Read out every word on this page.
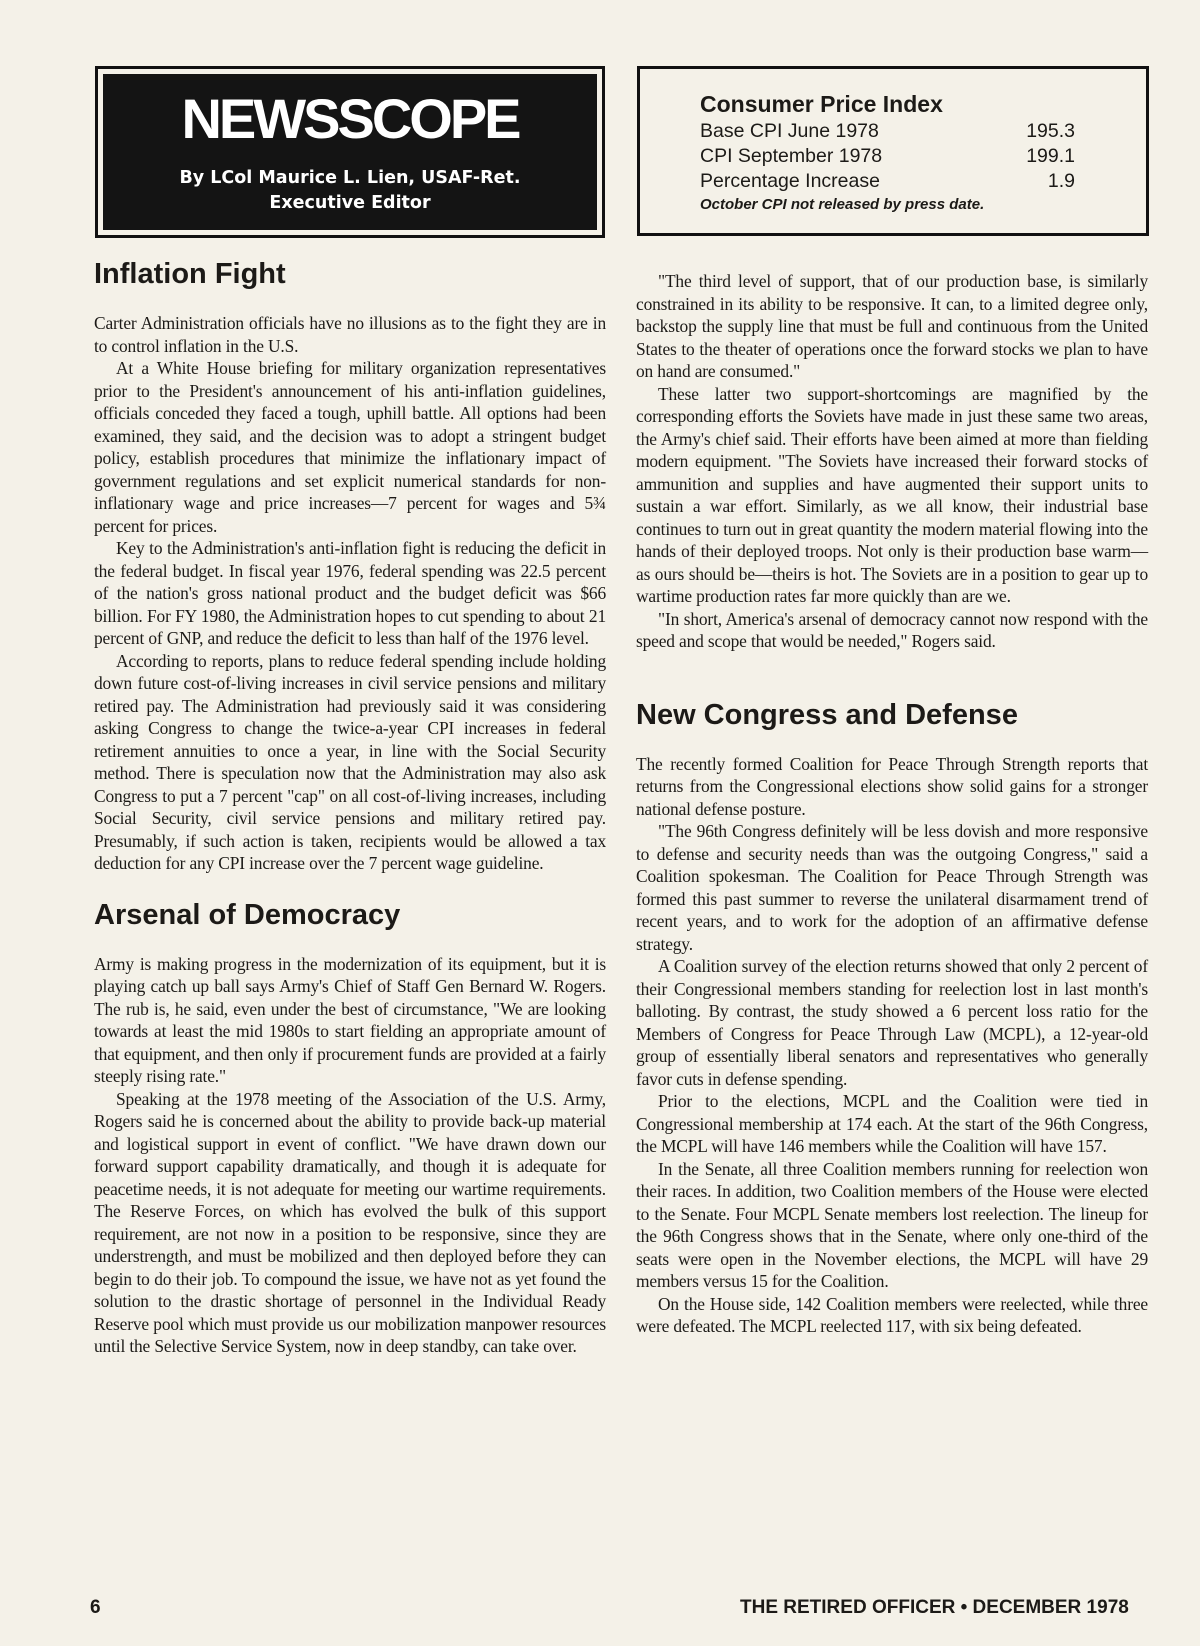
NEWSSCOPE
By LCol Maurice L. Lien, USAF-Ret.
Executive Editor
Consumer Price Index
Base CPI June 1978	195.3
CPI September 1978	199.1
Percentage Increase	1.9
October CPI not released by press date.
Inflation Fight

Carter Administration officials have no illusions as to the fight they are in to control inflation in the U.S.

At a White House briefing for military organization representatives prior to the President's announcement of his anti-inflation guidelines, officials conceded they faced a tough, uphill battle. All options had been examined, they said, and the decision was to adopt a stringent budget policy, establish procedures that minimize the inflationary impact of government regulations and set explicit numerical standards for non-inflationary wage and price increases—7 percent for wages and 5¾ percent for prices.

Key to the Administration's anti-inflation fight is reducing the deficit in the federal budget. In fiscal year 1976, federal spending was 22.5 percent of the nation's gross national product and the budget deficit was $66 billion. For FY 1980, the Administration hopes to cut spending to about 21 percent of GNP, and reduce the deficit to less than half of the 1976 level.

According to reports, plans to reduce federal spending include holding down future cost-of-living increases in civil service pensions and military retired pay. The Administration had previously said it was considering asking Congress to change the twice-a-year CPI increases in federal retirement annuities to once a year, in line with the Social Security method. There is speculation now that the Administration may also ask Congress to put a 7 percent "cap" on all cost-of-living increases, including Social Security, civil service pensions and military retired pay. Presumably, if such action is taken, recipients would be allowed a tax deduction for any CPI increase over the 7 percent wage guideline.

Arsenal of Democracy

Army is making progress in the modernization of its equipment, but it is playing catch up ball says Army's Chief of Staff Gen Bernard W. Rogers. The rub is, he said, even under the best of circumstance, "We are looking towards at least the mid 1980s to start fielding an appropriate amount of that equipment, and then only if procurement funds are provided at a fairly steeply rising rate."

Speaking at the 1978 meeting of the Association of the U.S. Army, Rogers said he is concerned about the ability to provide back-up material and logistical support in event of conflict. "We have drawn down our forward support capability dramatically, and though it is adequate for peacetime needs, it is not adequate for meeting our wartime requirements. The Reserve Forces, on which has evolved the bulk of this support requirement, are not now in a position to be responsive, since they are understrength, and must be mobilized and then deployed before they can begin to do their job. To compound the issue, we have not as yet found the solution to the drastic shortage of personnel in the Individual Ready Reserve pool which must provide us our mobilization manpower resources until the Selective Service System, now in deep standby, can take over.

"The third level of support, that of our production base, is similarly constrained in its ability to be responsive. It can, to a limited degree only, backstop the supply line that must be full and continuous from the United States to the theater of operations once the forward stocks we plan to have on hand are consumed."

These latter two support-shortcomings are magnified by the corresponding efforts the Soviets have made in just these same two areas, the Army's chief said. Their efforts have been aimed at more than fielding modern equipment. "The Soviets have increased their forward stocks of ammunition and supplies and have augmented their support units to sustain a war effort. Similarly, as we all know, their industrial base continues to turn out in great quantity the modern material flowing into the hands of their deployed troops. Not only is their production base warm—as ours should be—theirs is hot. The Soviets are in a position to gear up to wartime production rates far more quickly than are we.

"In short, America's arsenal of democracy cannot now respond with the speed and scope that would be needed," Rogers said.

New Congress and Defense

The recently formed Coalition for Peace Through Strength reports that returns from the Congressional elections show solid gains for a stronger national defense posture.

"The 96th Congress definitely will be less dovish and more responsive to defense and security needs than was the outgoing Congress," said a Coalition spokesman. The Coalition for Peace Through Strength was formed this past summer to reverse the unilateral disarmament trend of recent years, and to work for the adoption of an affirmative defense strategy.

A Coalition survey of the election returns showed that only 2 percent of their Congressional members standing for reelection lost in last month's balloting. By contrast, the study showed a 6 percent loss ratio for the Members of Congress for Peace Through Law (MCPL), a 12-year-old group of essentially liberal senators and representatives who generally favor cuts in defense spending.

Prior to the elections, MCPL and the Coalition were tied in Congressional membership at 174 each. At the start of the 96th Congress, the MCPL will have 146 members while the Coalition will have 157.

In the Senate, all three Coalition members running for reelection won their races. In addition, two Coalition members of the House were elected to the Senate. Four MCPL Senate members lost reelection. The lineup for the 96th Congress shows that in the Senate, where only one-third of the seats were open in the November elections, the MCPL will have 29 members versus 15 for the Coalition.

On the House side, 142 Coalition members were reelected, while three were defeated. The MCPL reelected 117, with six being defeated.

6	THE RETIRED OFFICER • DECEMBER 1978
